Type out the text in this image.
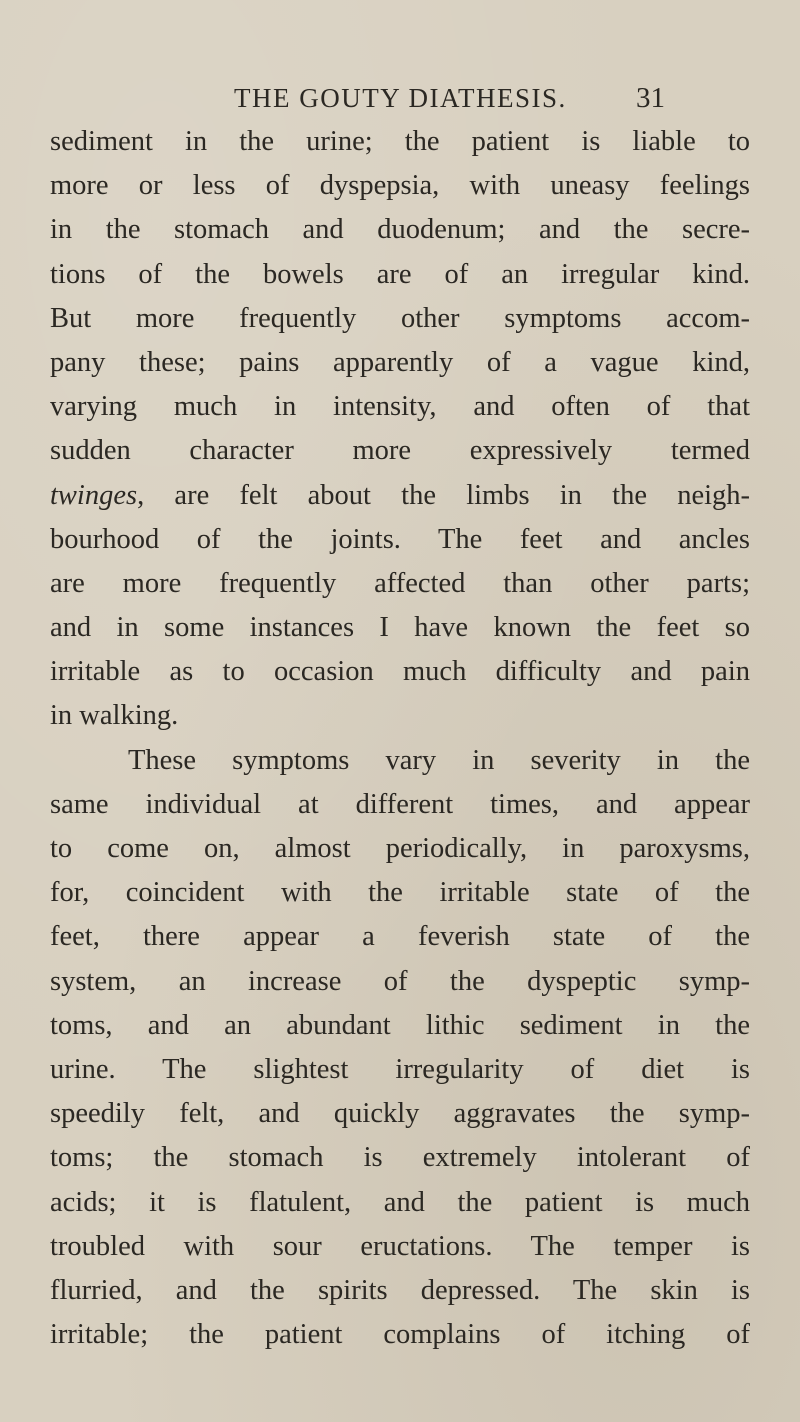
THE GOUTY DIATHESIS. 31
sediment in the urine; the patient is liable to
more or less of dyspepsia, with uneasy feelings
in the stomach and duodenum; and the secre-
tions of the bowels are of an irregular kind.
But more frequently other symptoms accom-
pany these; pains apparently of a vague kind,
varying much in intensity, and often of that
sudden character more expressively termed
twinges, are felt about the limbs in the neigh-
bourhood of the joints. The feet and ancles
are more frequently affected than other parts;
and in some instances I have known the feet so
irritable as to occasion much difficulty and pain
in walking.
These symptoms vary in severity in the
same individual at different times, and appear
to come on, almost periodically, in paroxysms,
for, coincident with the irritable state of the
feet, there appear a feverish state of the
system, an increase of the dyspeptic symp-
toms, and an abundant lithic sediment in the
urine. The slightest irregularity of diet is
speedily felt, and quickly aggravates the symp-
toms; the stomach is extremely intolerant of
acids; it is flatulent, and the patient is much
troubled with sour eructations. The temper is
flurried, and the spirits depressed. The skin is
irritable; the patient complains of itching of
